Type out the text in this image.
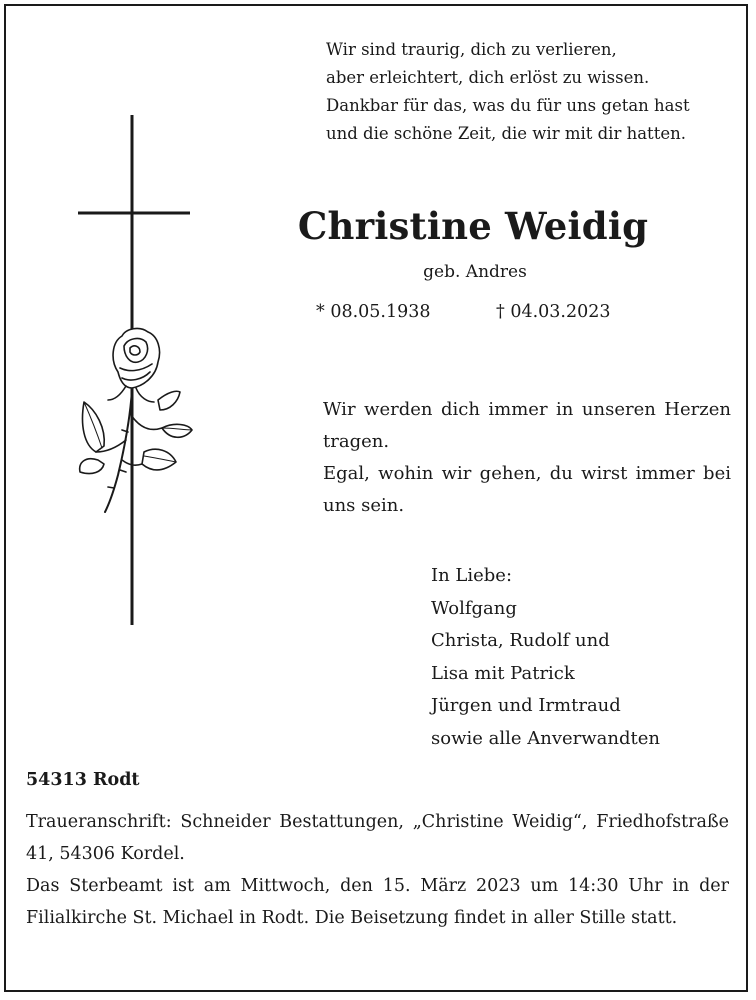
Wir sind traurig, dich zu verlieren,
aber erleichtert, dich erlöst zu wissen.
Dankbar für das, was du für uns getan hast
und die schöne Zeit, die wir mit dir hatten.
Christine Weidig
geb. Andres
* 08.05.1938	† 04.03.2023
Wir werden dich immer in unseren Herzen tragen.
Egal, wohin wir gehen, du wirst immer bei uns sein.
In Liebe:
Wolfgang
Christa, Rudolf und
Lisa mit Patrick
Jürgen und Irmtraud
sowie alle Anverwandten
54313 Rodt

Traueranschrift: Schneider Bestattungen, „Christine Weidig“, Friedhofstraße 41, 54306 Kordel.

Das Sterbeamt ist am Mittwoch, den 15. März 2023 um 14:30 Uhr in der Filialkirche St. Michael in Rodt. Die Beisetzung findet in aller Stille statt.
